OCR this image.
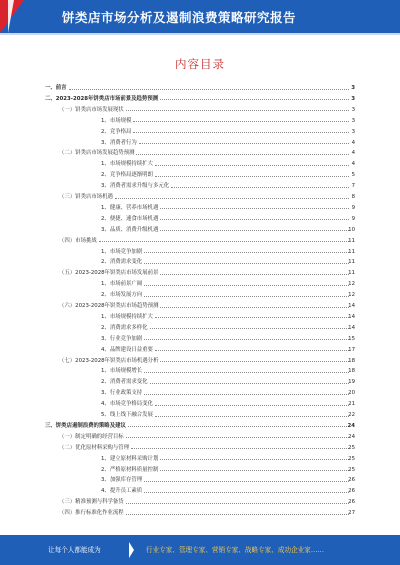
饼类店市场分析及遏制浪费策略研究报告
内容目录
一、前言	3
二、2023-2028年饼类店市场前景及趋势预测	3
（一）饼类店市场发展现状	3
1、市场规模	3
2、竞争格局	3
3、消费者行为	4
（二）饼类店市场发展趋势预测	4
1、市场规模持续扩大	4
2、竞争格局逐渐明朗	5
3、消费者需求升级与多元化	7
（三）饼类店市场机遇	8
1、健康、营养市场机遇	9
2、便捷、速食市场机遇	9
3、品质、消费升级机遇	10
（四）市场挑战	11
1、市场竞争加剧	11
2、消费需求变化	11
（五）2023-2028年饼类店市场发展前景	11
1、市场前景广阔	12
2、市场发展方向	12
（六）2023-2028年饼类店市场趋势预测	14
1、市场规模持续扩大	14
2、消费需求多样化	14
3、行业竞争加剧	15
4、品牌建设日益重要	17
（七）2023-2028年饼类店市场机遇分析	18
1、市场规模增长	18
2、消费者需求变化	19
3、行业政策支持	20
4、市场竞争格局变化	21
5、线上线下融合发展	22
三、饼类店遏制浪费的策略及建议	24
（一）制定明确的经营目标	24
（二）优化原材料采购与管理	25
1、建立原材料采购计划	25
2、严格原材料质量控制	25
3、加强库存管理	26
4、提升员工素质	26
（三）精准预测与科学备货	26
（四）推行标准化作业流程	27
让每个人都能成为	行业专家、管理专家、营销专家、战略专家、成功企业家……
